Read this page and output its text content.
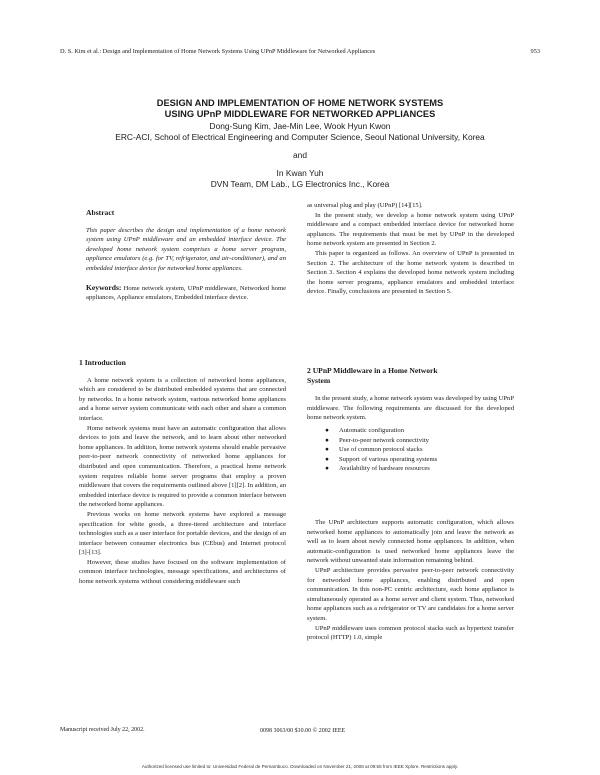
D. S. Kim et al.: Design and Implementation of Home Network Systems Using UPnP Middleware for Networked Appliances	953
DESIGN AND IMPLEMENTATION OF HOME NETWORK SYSTEMS
USING UPnP MIDDLEWARE FOR NETWORKED APPLIANCES
Dong-Sung Kim, Jae-Min Lee, Wook Hyun Kwon
ERC-ACI, School of Electrical Engineering and Computer Science, Seoul National University, Korea
and
In Kwan Yuh
DVN Team, DM Lab., LG Electronics Inc., Korea

Abstract

This paper describes the design and implementation of a home network system using UPnP middleware and an embedded interface device. The developed home network system comprises a home server program, appliance emulators (e.g. for TV, refrigerator, and air-conditioner), and an embedded interface device for networked home appliances.

Keywords: Home network system, UPnP middleware, Networked home appliances, Appliance emulators, Embedded interface device.

1 Introduction

A home network system is a collection of networked home appliances, which are considered to be distributed embedded systems that are connected by networks. In a home network system, various networked home appliances and a home server system communicate with each other and share a common interface.

Home network systems must have an automatic configuration that allows devices to join and leave the network, and to learn about other networked home appliances. In addition, home network systems should enable pervasive peer-to-peer network connectivity of networked home appliances for distributed and open communication. Therefore, a practical home network system requires reliable home server programs that employ a proven middleware that covers the requirements outlined above [1][2]. In addition, an embedded interface device is required to provide a common interface between the networked home appliances.

Previous works on home network systems have explored a message specification for white goods, a three-tiered architecture and interface technologies such as a user interface for portable devices, and the design of an interface between consumer electronics bus (CEbus) and Internet protocol [3]-[13].

However, these studies have focused on the software implementation of common interface technologies, message specifications, and architectures of home network systems without considering middleware such

as universal plug and play (UPnP) [14][15].

In the present study, we develop a home network system using UPnP middleware and a compact embedded interface device for networked home appliances. The requirements that must be met by UPnP in the developed home network system are presented in Section 2.

This paper is organized as follows. An overview of UPnP is presented in Section 2. The architecture of the home network system is described in Section 3. Section 4 explains the developed home network system including the home server programs, appliance emulators and embedded interface device. Finally, conclusions are presented in Section 5.

2 UPnP Middleware in a Home Network
System

In the present study, a home network system was developed by using UPnP middleware. The following requirements are discussed for the developed home network system.

● Automatic configuration
● Peer-to-peer network connectivity
● Use of common protocol stacks
● Support of various operating systems
● Availability of hardware resources

The UPnP architecture supports automatic configuration, which allows networked home appliances to automatically join and leave the network as well as to learn about newly connected home appliances. In addition, when automatic-configuration is used networked home appliances leave the network without unwanted state information remaining behind.

UPnP architecture provides pervasive peer-to-peer network connectivity for networked home appliances, enabling distributed and open communication. In this non-PC centric architecture, each home appliance is simultaneously operated as a home server and client system. Thus, networked home appliances such as a refrigerator or TV are candidates for a home server system.

UPnP middleware uses common protocol stacks such as hypertext transfer protocol (HTTP) 1.0, simple

Manuscript received July 22, 2002.	0098 3063/00 $10.00 © 2002 IEEE
Authorized licensed use limited to: Universidad Federal de Pernambuco. Downloaded on November 21, 2008 at 09:55 from IEEE Xplore. Restrictions apply.
